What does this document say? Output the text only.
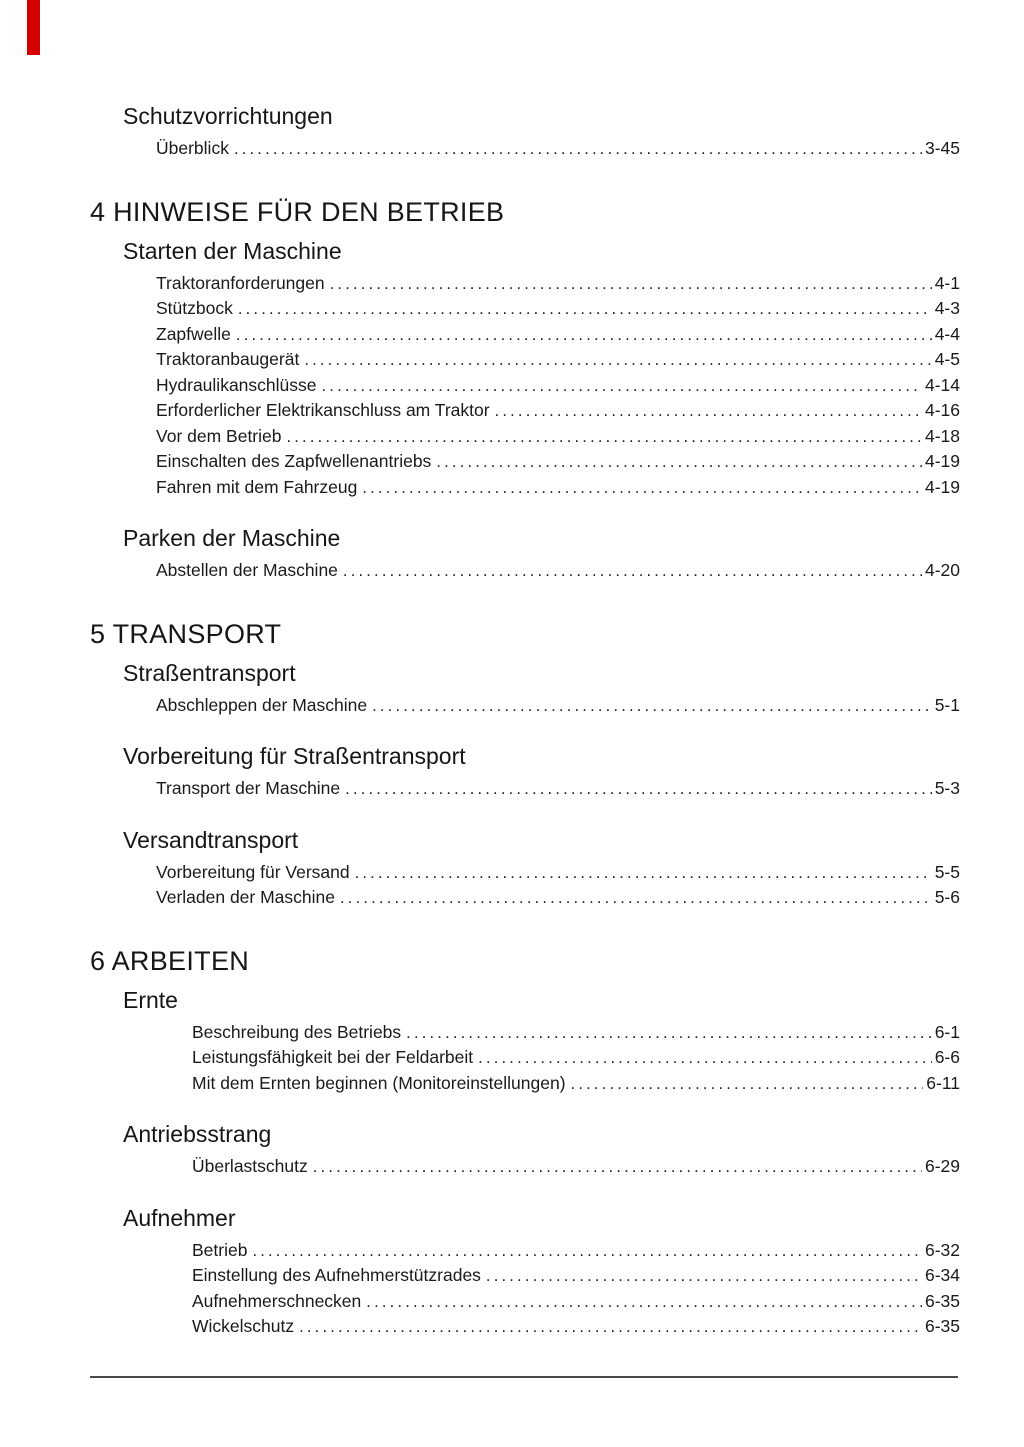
Schutzvorrichtungen
Überblick .....	3-45
4 HINWEISE FÜR DEN BETRIEB
Starten der Maschine
Traktoranforderungen .....	4-1
Stützbock .....	4-3
Zapfwelle .....	4-4
Traktoranbaugerät .....	4-5
Hydraulikanschlüsse .....	4-14
Erforderlicher Elektrikanschluss am Traktor .....	4-16
Vor dem Betrieb .....	4-18
Einschalten des Zapfwellenantriebs .....	4-19
Fahren mit dem Fahrzeug .....	4-19
Parken der Maschine
Abstellen der Maschine .....	4-20
5 TRANSPORT
Straßentransport
Abschleppen der Maschine .....	5-1
Vorbereitung für Straßentransport
Transport der Maschine .....	5-3
Versandtransport
Vorbereitung für Versand .....	5-5
Verladen der Maschine .....	5-6
6 ARBEITEN
Ernte
Beschreibung des Betriebs .....	6-1
Leistungsfähigkeit bei der Feldarbeit .....	6-6
Mit dem Ernten beginnen (Monitoreinstellungen) .....	6-11
Antriebsstrang
Überlastschutz .....	6-29
Aufnehmer
Betrieb .....	6-32
Einstellung des Aufnehmerstützrades .....	6-34
Aufnehmerschnecken .....	6-35
Wickelschutz .....	6-35
